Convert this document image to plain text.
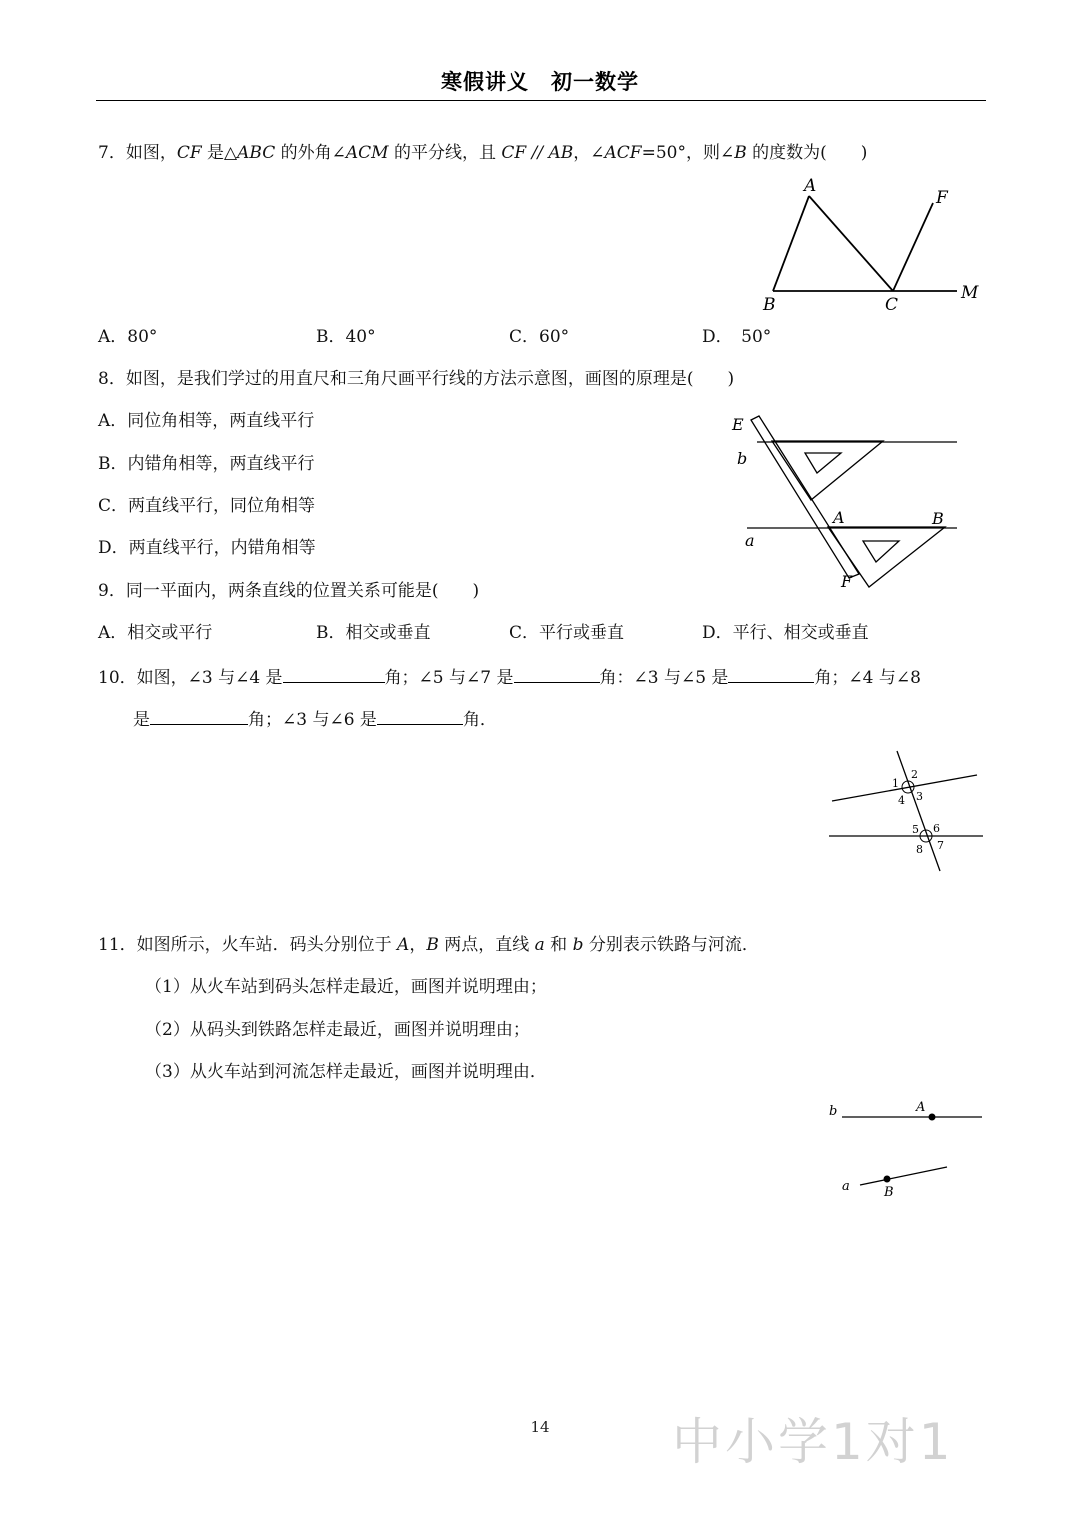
寒假讲义　初一数学
7．如图，CF 是△ABC 的外角∠ACM 的平分线，且 CF // AB，∠ACF=50°，则∠B 的度数为(　　)
A
F
B	C
M
A．80°	B．40°	C．60°	D．　50°
8．如图，是我们学过的用直尺和三角尺画平行线的方法示意图，画图的原理是(　　)
A．同位角相等，两直线平行
B．内错角相等，两直线平行
C．两直线平行，同位角相等
D．两直线平行，内错角相等
E
b
a
A	B
F
9．同一平面内，两条直线的位置关系可能是(　　)
A．相交或平行	B．相交或垂直	C．平行或垂直	D．平行、相交或垂直
10．如图，∠3 与∠4 是	角；∠5 与∠7 是	角：∠3 与∠5 是	角；∠4 与∠8
是	角；∠3 与∠6 是	角．
1
2
3
4
5 6
7
8
11．如图所示，火车站．码头分别位于 A，B 两点，直线 a 和 b 分别表示铁路与河流．
（1）从火车站到码头怎样走最近，画图并说明理由；
（2）从码头到铁路怎样走最近，画图并说明理由；
（3）从火车站到河流怎样走最近，画图并说明理由．
b	A
a	B
14	中小学1对1
